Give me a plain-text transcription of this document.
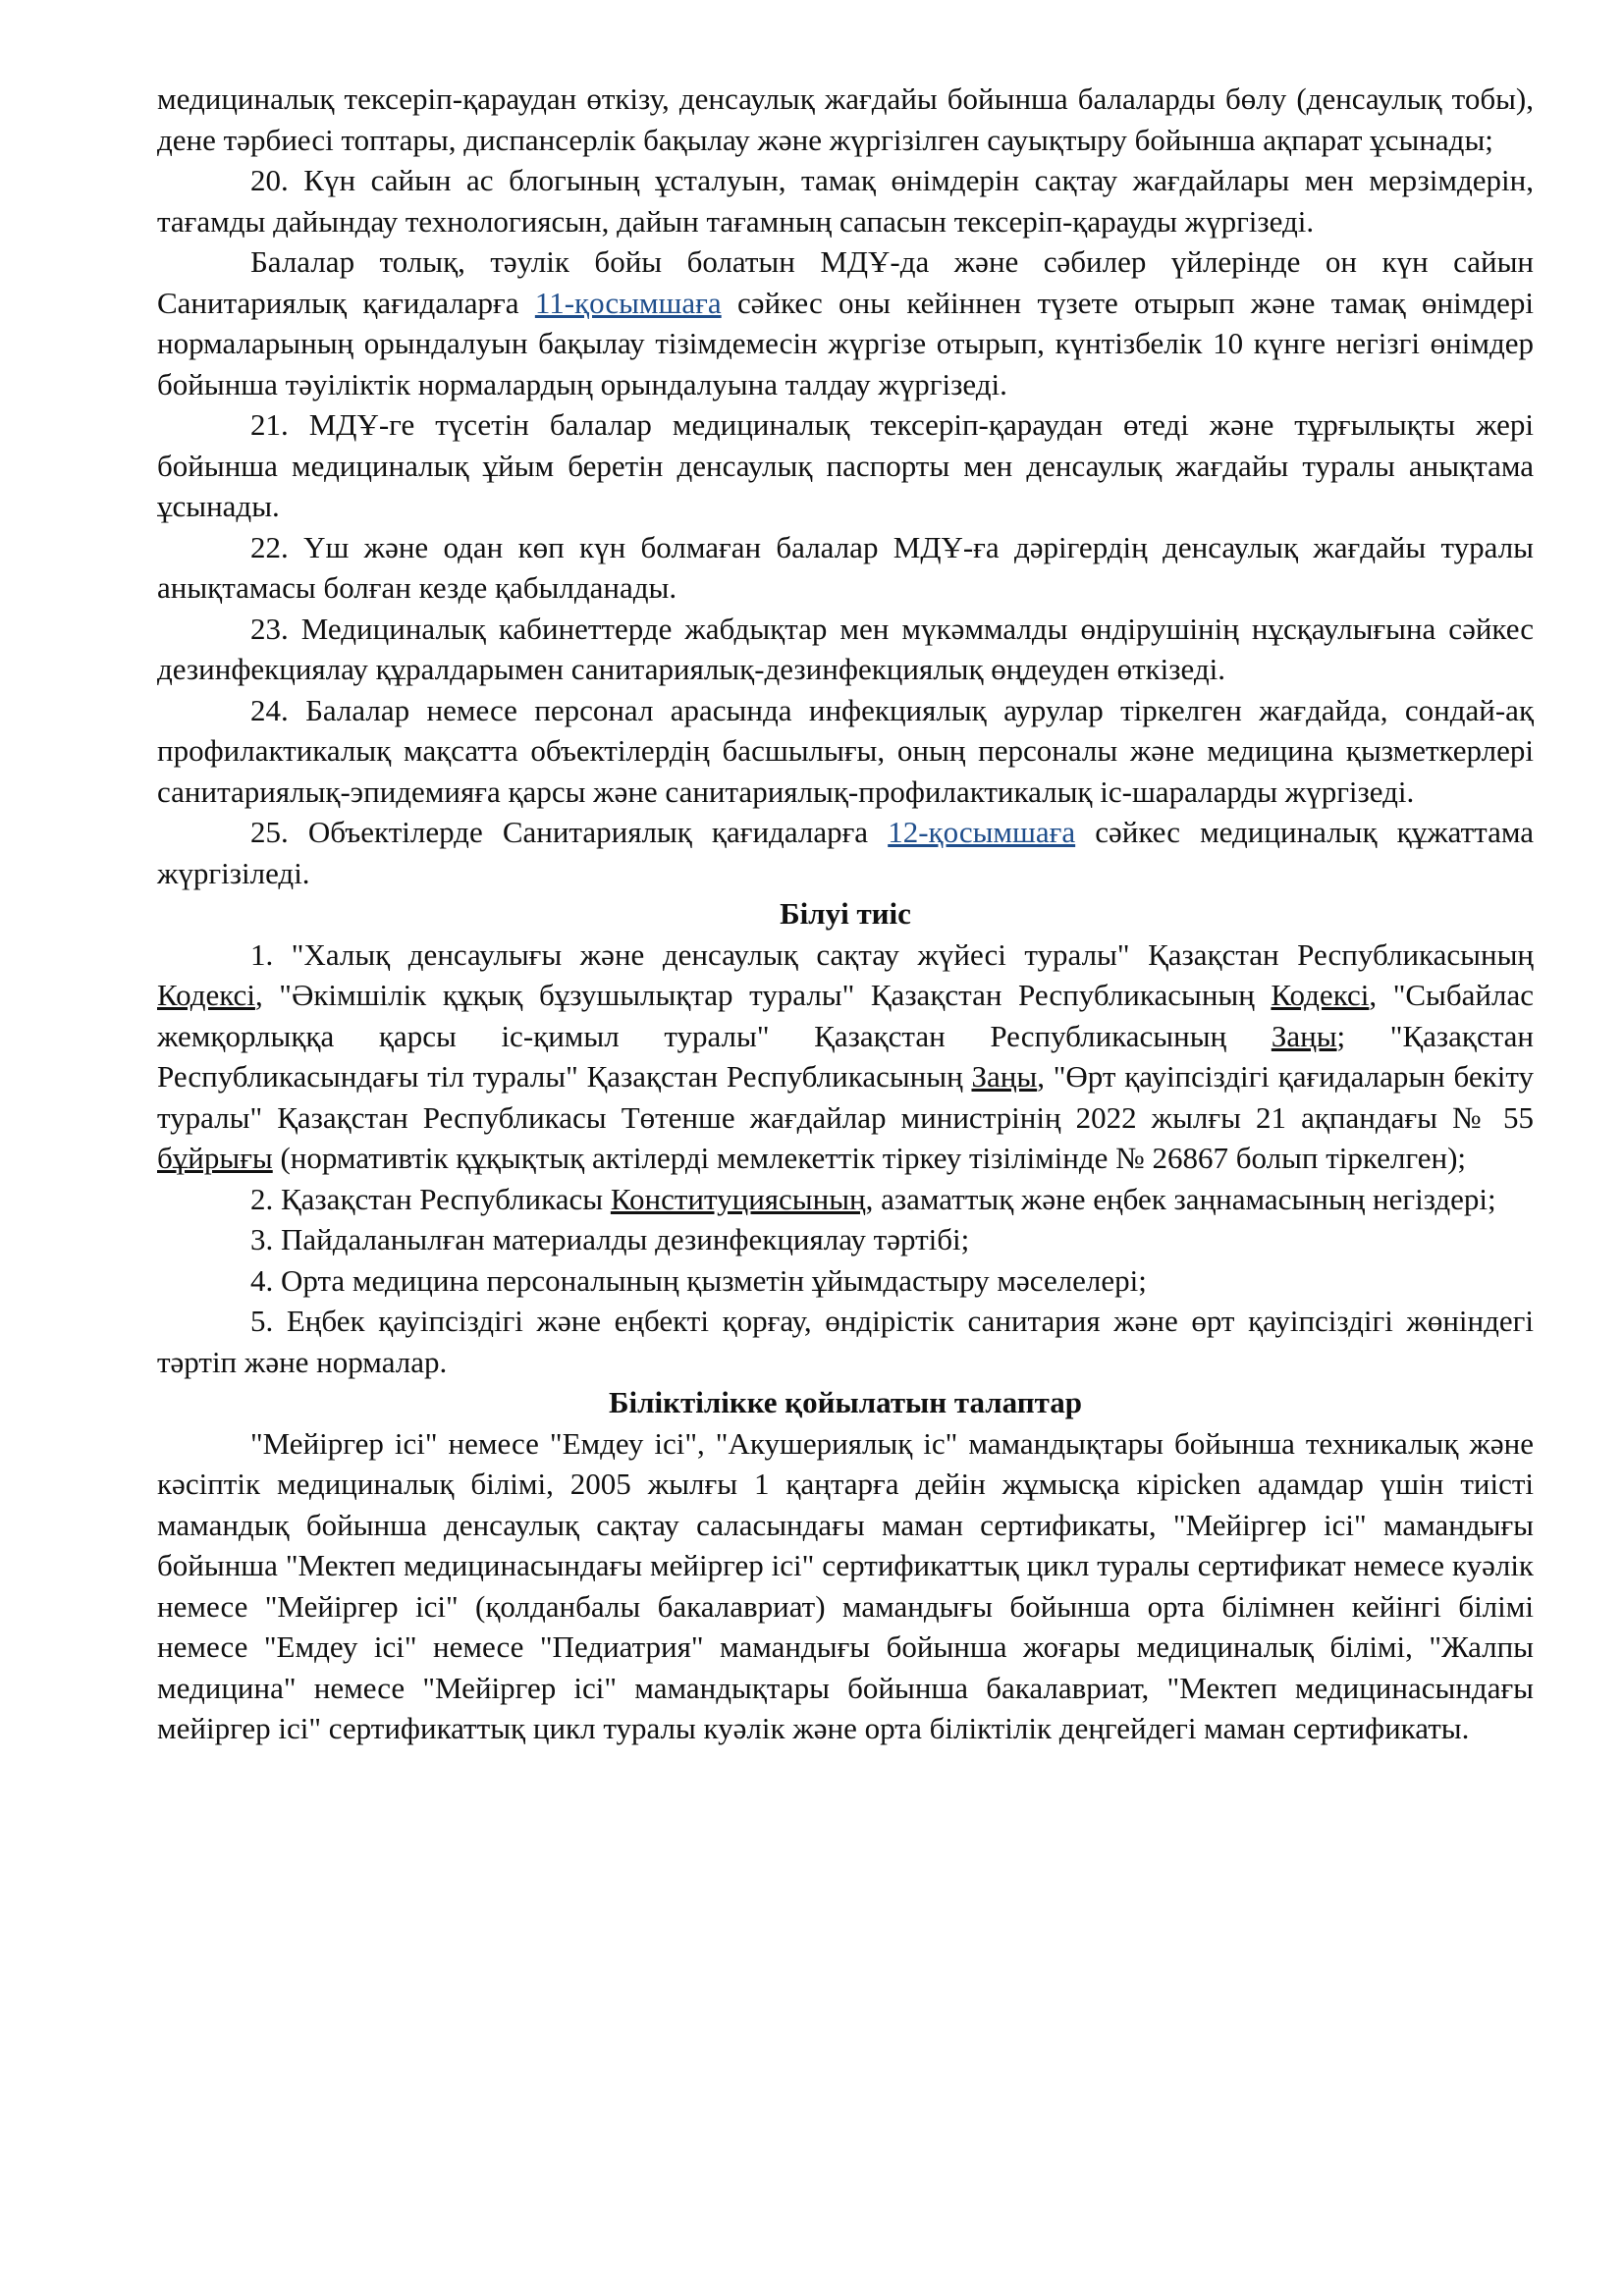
медициналық тексеріп-қараудан өткізу, денсаулық жағдайы бойынша балаларды бөлу (денсаулық тобы), дене тәрбиесі топтары, диспансерлік бақылау және жүргізілген сауықтыру бойынша ақпарат ұсынады;

20. Күн сайын ас блогының ұсталуын, тамақ өнімдерін сақтау жағдайлары мен мерзімдерін, тағамды дайындау технологиясын, дайын тағамның сапасын тексеріп-қарауды жүргізеді.

Балалар толық, тәулік бойы болатын МДҰ-да және сәбилер үйлерінде он күн сайын Санитариялық қағидаларға 11-қосымшаға сәйкес оны кейіннен түзете отырып және тамақ өнімдері нормаларының орындалуын бақылау тізімдемесін жүргізе отырып, күнтізбелік 10 күнге негізгі өнімдер бойынша тәуіліктік нормалардың орындалуына талдау жүргізеді.

21. МДҰ-ге түсетін балалар медициналық тексеріп-қараудан өтеді және тұрғылықты жері бойынша медициналық ұйым беретін денсаулық паспорты мен денсаулық жағдайы туралы анықтама ұсынады.

22. Үш және одан көп күн болмаған балалар МДҰ-ға дәрігердің денсаулық жағдайы туралы анықтамасы болған кезде қабылданады.

23. Медициналық кабинеттерде жабдықтар мен мүкәммалды өндірушінің нұсқаулығына сәйкес дезинфекциялау құралдарымен санитариялық-дезинфекциялық өңдеуден өткізеді.

24. Балалар немесе персонал арасында инфекциялық аурулар тіркелген жағдайда, сондай-ақ профилактикалық мақсатта объектілердің басшылығы, оның персоналы және медицина қызметкерлері санитариялық-эпидемияға қарсы және санитариялық-профилактикалық іс-шараларды жүргізеді.

25. Объектілерде Санитариялық қағидаларға 12-қосымшаға сәйкес медициналық құжаттама жүргізіледі.

Білуі тиіс

1. "Халық денсаулығы және денсаулық сақтау жүйесі туралы" Қазақстан Республикасының Кодексі, "Әкімшілік құқық бұзушылықтар туралы" Қазақстан Республикасының Кодексі, "Сыбайлас жемқорлыққа қарсы іс-қимыл туралы" Қазақстан Республикасының Заңы; "Қазақстан Республикасындағы тіл туралы" Қазақстан Республикасының Заңы, "Өрт қауіпсіздігі қағидаларын бекіту туралы" Қазақстан Республикасы Төтенше жағдайлар министрінің 2022 жылғы 21 ақпандағы № 55 бұйрығы (нормативтік құқықтық актілерді мемлекеттік тіркеу тізілімінде № 26867 болып тіркелген);

2. Қазақстан Республикасы Конституциясының, азаматтық және еңбек заңнамасының негіздері;

3. Пайдаланылған материалды дезинфекциялау тәртібі;

4. Орта медицина персоналының қызметін ұйымдастыру мәселелері;

5. Еңбек қауіпсіздігі және еңбекті қорғау, өндірістік санитария және өрт қауіпсіздігі жөніндегі тәртіп және нормалар.

Біліктілікке қойылатын талаптар

"Мейіргер ісі" немесе "Емдеу ісі", "Акушериялық іс" мамандықтары бойынша техникалық және кәсіптік медициналық білімі, 2005 жылғы 1 қаңтарға дейін жұмысқа кірісken адамдар үшін тиісті мамандық бойынша денсаулық сақтау саласындағы маман сертификаты, "Мейіргер ісі" мамандығы бойынша "Мектеп медицинасындағы мейіргер ісі" сертификаттық цикл туралы сертификат немесе куәлік немесе "Мейіргер ісі" (қолданбалы бакалавриат) мамандығы бойынша орта білімнен кейінгі білімі немесе "Емдеу ісі" немесе "Педиатрия" мамандығы бойынша жоғары медициналық білімі, "Жалпы медицина" немесе "Мейіргер ісі" мамандықтары бойынша бакалавриат, "Мектеп медицинасындағы мейіргер ісі" сертификаттық цикл туралы куәлік және орта біліктілік деңгейдегі маман сертификаты.
